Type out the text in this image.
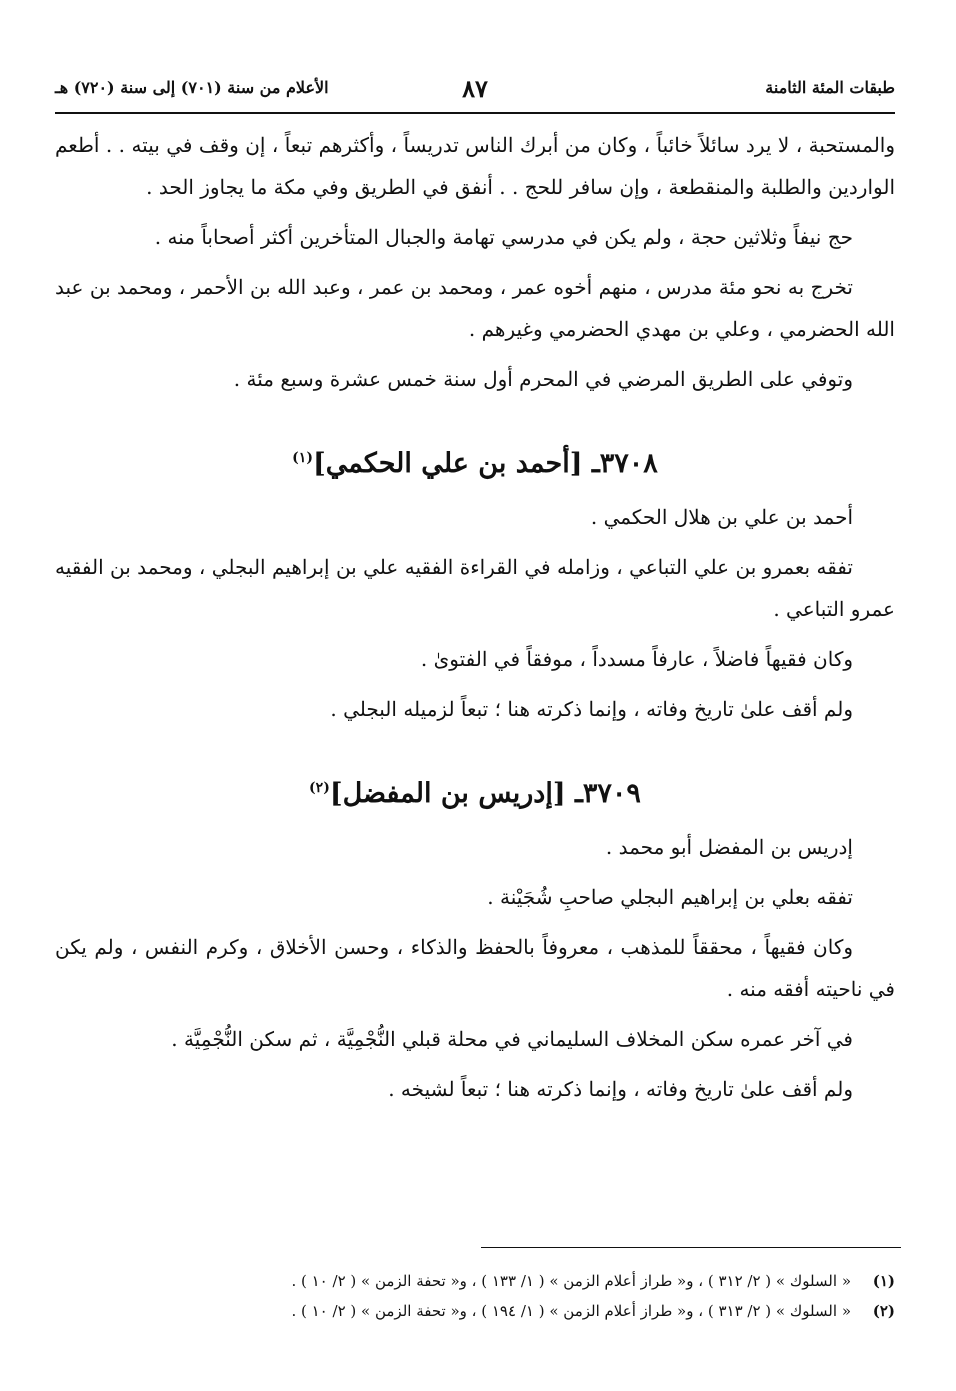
طبقات المئة الثامنة
٨٧
الأعلام من سنة (٧٠١) إلى سنة (٧٢٠) هـ

والمستحبة ، لا يرد سائلاً خائباً ، وكان من أبرك الناس تدريساً ، وأكثرهم تبعاً ، إن وقف في بيته . . أطعم الواردين والطلبة والمنقطعة ، وإن سافر للحج . . أنفق في الطريق وفي مكة ما يجاوز الحد .

حج نيفاً وثلاثين حجة ، ولم يكن في مدرسي تهامة والجبال المتأخرين أكثر أصحاباً منه .

تخرج به نحو مئة مدرس ، منهم أخوه عمر ، ومحمد بن عمر ، وعبد الله بن الأحمر ، ومحمد بن عبد الله الحضرمي ، وعلي بن مهدي الحضرمي وغيرهم .

وتوفي على الطريق المرضي في المحرم أول سنة خمس عشرة وسبع مئة .

٣٧٠٨ـ [أحمد بن علي الحكمي]$^{(١)}$

أحمد بن علي بن هلال الحكمي .

تفقه بعمرو بن علي التباعي ، وزامله في القراءة الفقيه علي بن إبراهيم البجلي ، ومحمد بن الفقيه عمرو التباعي .

وكان فقيهاً فاضلاً ، عارفاً مسدداً ، موفقاً في الفتوىٰ .

ولم أقف علىٰ تاريخ وفاته ، وإنما ذكرته هنا ؛ تبعاً لزميله البجلي .

٣٧٠٩ـ [إدريس بن المفضل]$^{(٢)}$

إدريس بن المفضل أبو محمد .

تفقه بعلي بن إبراهيم البجلي صاحبِ شُجَيْنة .

وكان فقيهاً ، محققاً للمذهب ، معروفاً بالحفظ والذكاء ، وحسن الأخلاق ، وكرم النفس ، ولم يكن في ناحيته أفقه منه .

في آخر عمره سكن المخلاف السليماني في محلة قبلي النُّجْمِيَّة ، ثم سكن النُّجْمِيَّة .

ولم أقف علىٰ تاريخ وفاته ، وإنما ذكرته هنا ؛ تبعاً لشيخه .

(١)« السلوك » ( ٢/ ٣١٢ ) ، و« طراز أعلام الزمن » ( ١/ ١٣٣ ) ، و« تحفة الزمن » ( ٢/ ١٠ ) .

(٢)« السلوك » ( ٢/ ٣١٣ ) ، و« طراز أعلام الزمن » ( ١/ ١٩٤ ) ، و« تحفة الزمن » ( ٢/ ١٠ ) .
